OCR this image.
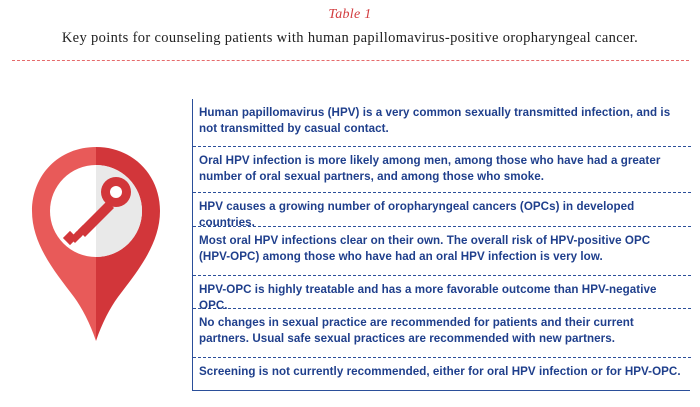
Table 1
Key points for counseling patients with human papillomavirus-positive oropharyngeal cancer.
Human papillomavirus (HPV) is a very common sexually transmitted infection, and is not transmitted by casual contact.
Oral HPV infection is more likely among men, among those who have had a greater number of oral sexual partners, and among those who smoke.
HPV causes a growing number of oropharyngeal cancers (OPCs) in developed countries.
Most oral HPV infections clear on their own. The overall risk of HPV-positive OPC (HPV-OPC) among those who have had an oral HPV infection is very low.
HPV-OPC is highly treatable and has a more favorable outcome than HPV-negative OPC.
No changes in sexual practice are recommended for patients and their current partners. Usual safe sexual practices are recommended with new partners.
Screening is not currently recommended, either for oral HPV infection or for HPV-OPC.
